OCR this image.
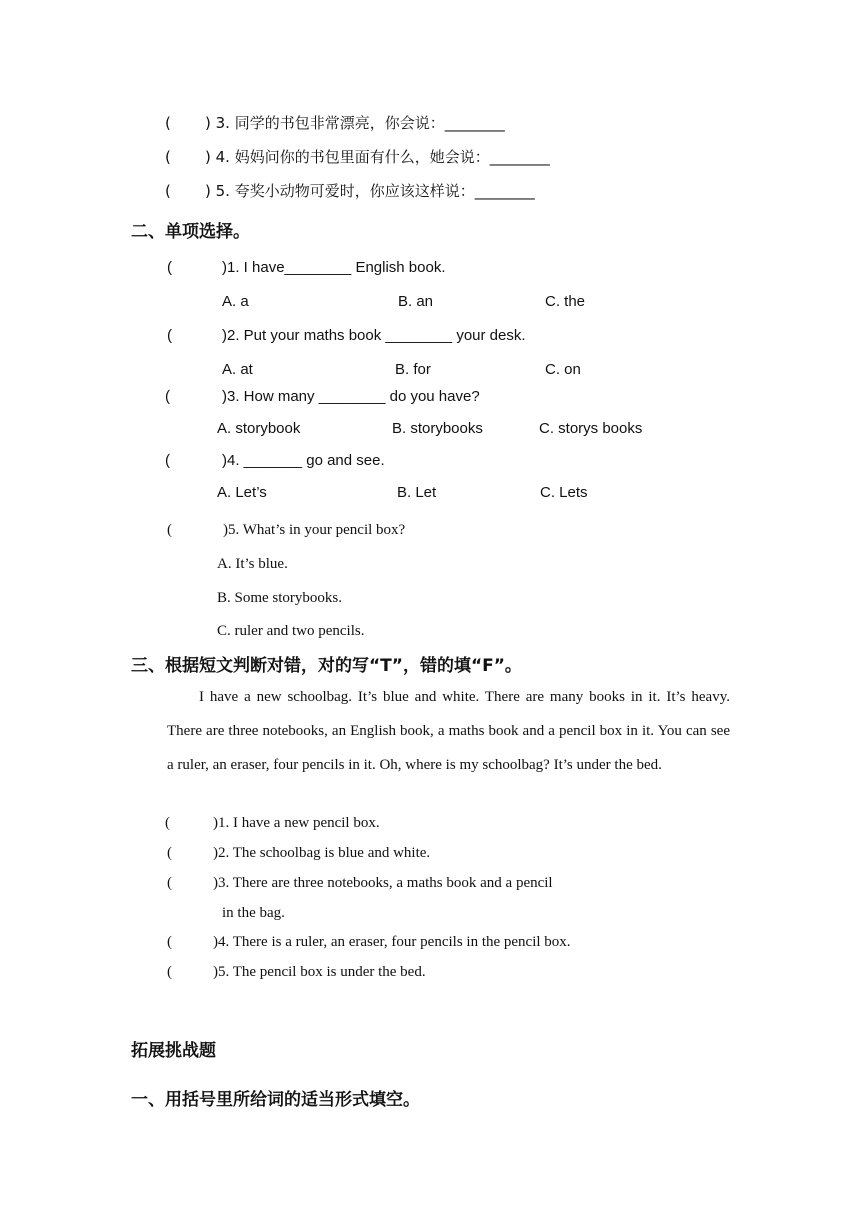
( ) 3. 同学的书包非常漂亮，你会说：________
( ) 4. 妈妈问你的书包里面有什么，她会说：________
( ) 5. 夸奖小动物可爱时，你应该这样说：________
二、单项选择。
(	)1. I have________ English book.
A. a	B. an	C. the
(	)2. Put your maths book ________ your desk.
A. at	B. for	C. on
(	)3. How many ________ do you have?
A. storybook	B. storybooks	C. storys books
(	)4. _______ go and see.
A. Let’s	B. Let	C. Lets
(	)5. What’s in your pencil box?
A. It’s blue.
B. Some storybooks.
C. ruler and two pencils.
三、根据短文判断对错，对的写“T”，错的填“F”。

I have a new schoolbag. It’s blue and white. There are many books in it. It’s heavy. There are three notebooks, an English book, a maths book and a pencil box in it. You can see a ruler, an eraser, four pencils in it. Oh, where is my schoolbag? It’s under the bed.

(	)1. I have a new pencil box.
(	)2. The schoolbag is blue and white.
(	)3. There are three notebooks, a maths book and a pencil
in the bag.
(	)4. There is a ruler, an eraser, four pencils in the pencil box.
(	)5. The pencil box is under the bed.
拓展挑战题
一、用括号里所给词的适当形式填空。
